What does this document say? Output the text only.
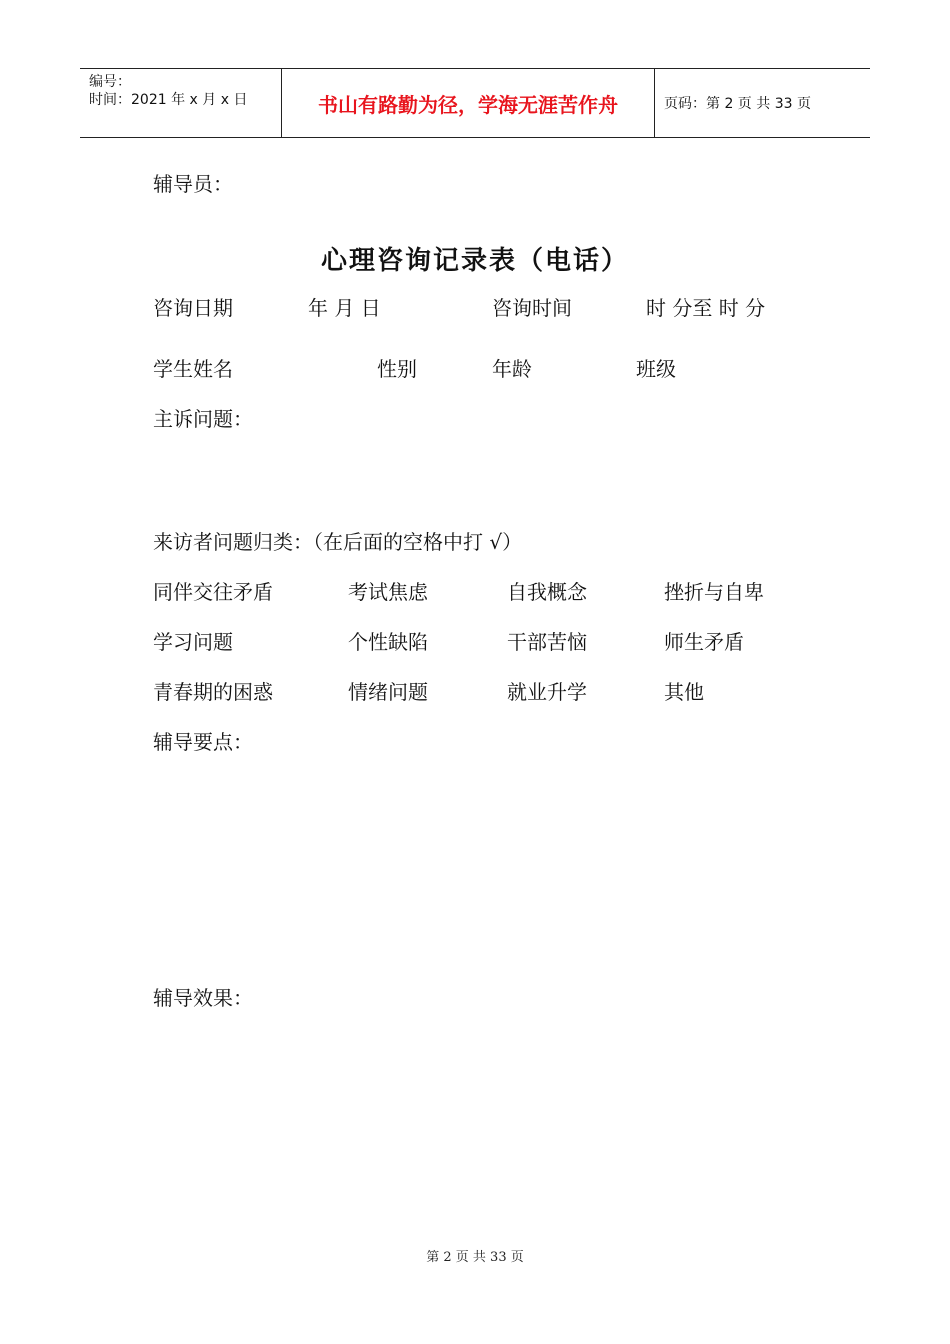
编号：
时间：2021 年 x 月 x 日	书山有路勤为径，学海无涯苦作舟	页码：第 2 页 共 33 页
辅导员：
心理咨询记录表（电话）
咨询日期	年 月 日	咨询时间	时 分至 时 分
学生姓名	性别	年龄	班级
主诉问题：
来访者问题归类：（在后面的空格中打 √）
同伴交往矛盾	考试焦虑	自我概念	挫折与自卑
学习问题	个性缺陷	干部苦恼	师生矛盾
青春期的困惑	情绪问题	就业升学	其他
辅导要点：
辅导效果：
第 2 页 共 33 页
